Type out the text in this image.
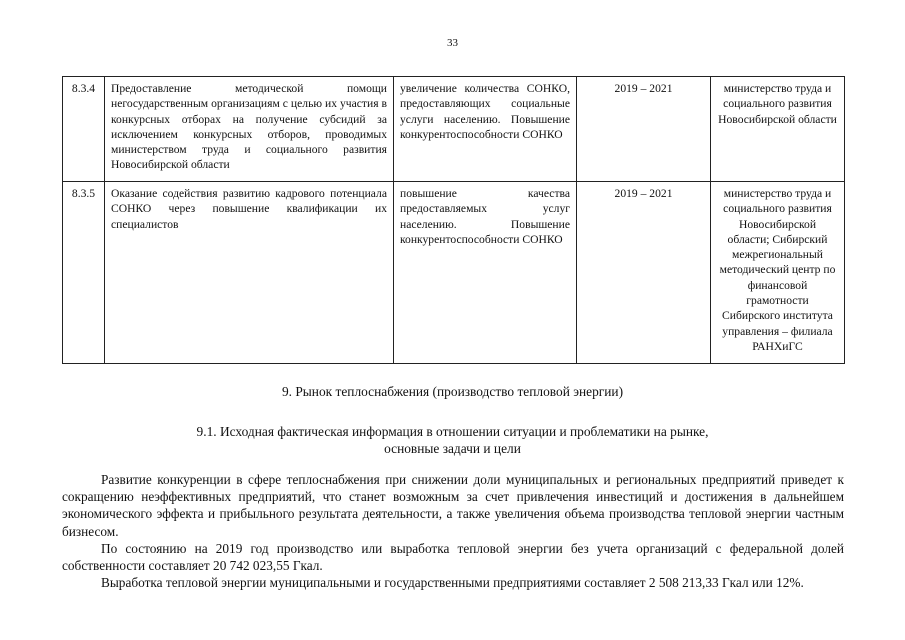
33
8.3.4	Предоставление методической помощи негосударственным организациям с целью их участия в конкурсных отборах на получение субсидий за исключением конкурсных отборов, проводимых министерством труда и социального развития Новосибирской области	увеличение количества СОНКО, предоставляющих социальные услуги населению. Повышение конкурентоспособности СОНКО	2019 – 2021	министерство труда и социального развития Новосибирской области
8.3.5	Оказание содействия развитию кадрового потенциала СОНКО через повышение квалификации их специалистов	повышение качества предоставляемых услуг населению. Повышение конкурентоспособности СОНКО	2019 – 2021	министерство труда и социального развития Новосибирской области; Сибирский межрегиональный методический центр по финансовой грамотности Сибирского института управления – филиала РАНХиГС
9. Рынок теплоснабжения (производство тепловой энергии)
9.1. Исходная фактическая информация в отношении ситуации и проблематики на рынке,
основные задачи и цели

Развитие конкуренции в сфере теплоснабжения при снижении доли муниципальных и региональных предприятий приведет к сокращению неэффективных предприятий, что станет возможным за счет привлечения инвестиций и достижения в дальнейшем экономического эффекта и прибыльного результата деятельности, а также увеличения объема производства тепловой энергии частным бизнесом.

По состоянию на 2019 год производство или выработка тепловой энергии без учета организаций с федеральной долей собственности составляет 20 742 023,55 Гкал.

Выработка тепловой энергии муниципальными и государственными предприятиями составляет 2 508 213,33 Гкал или 12%.
